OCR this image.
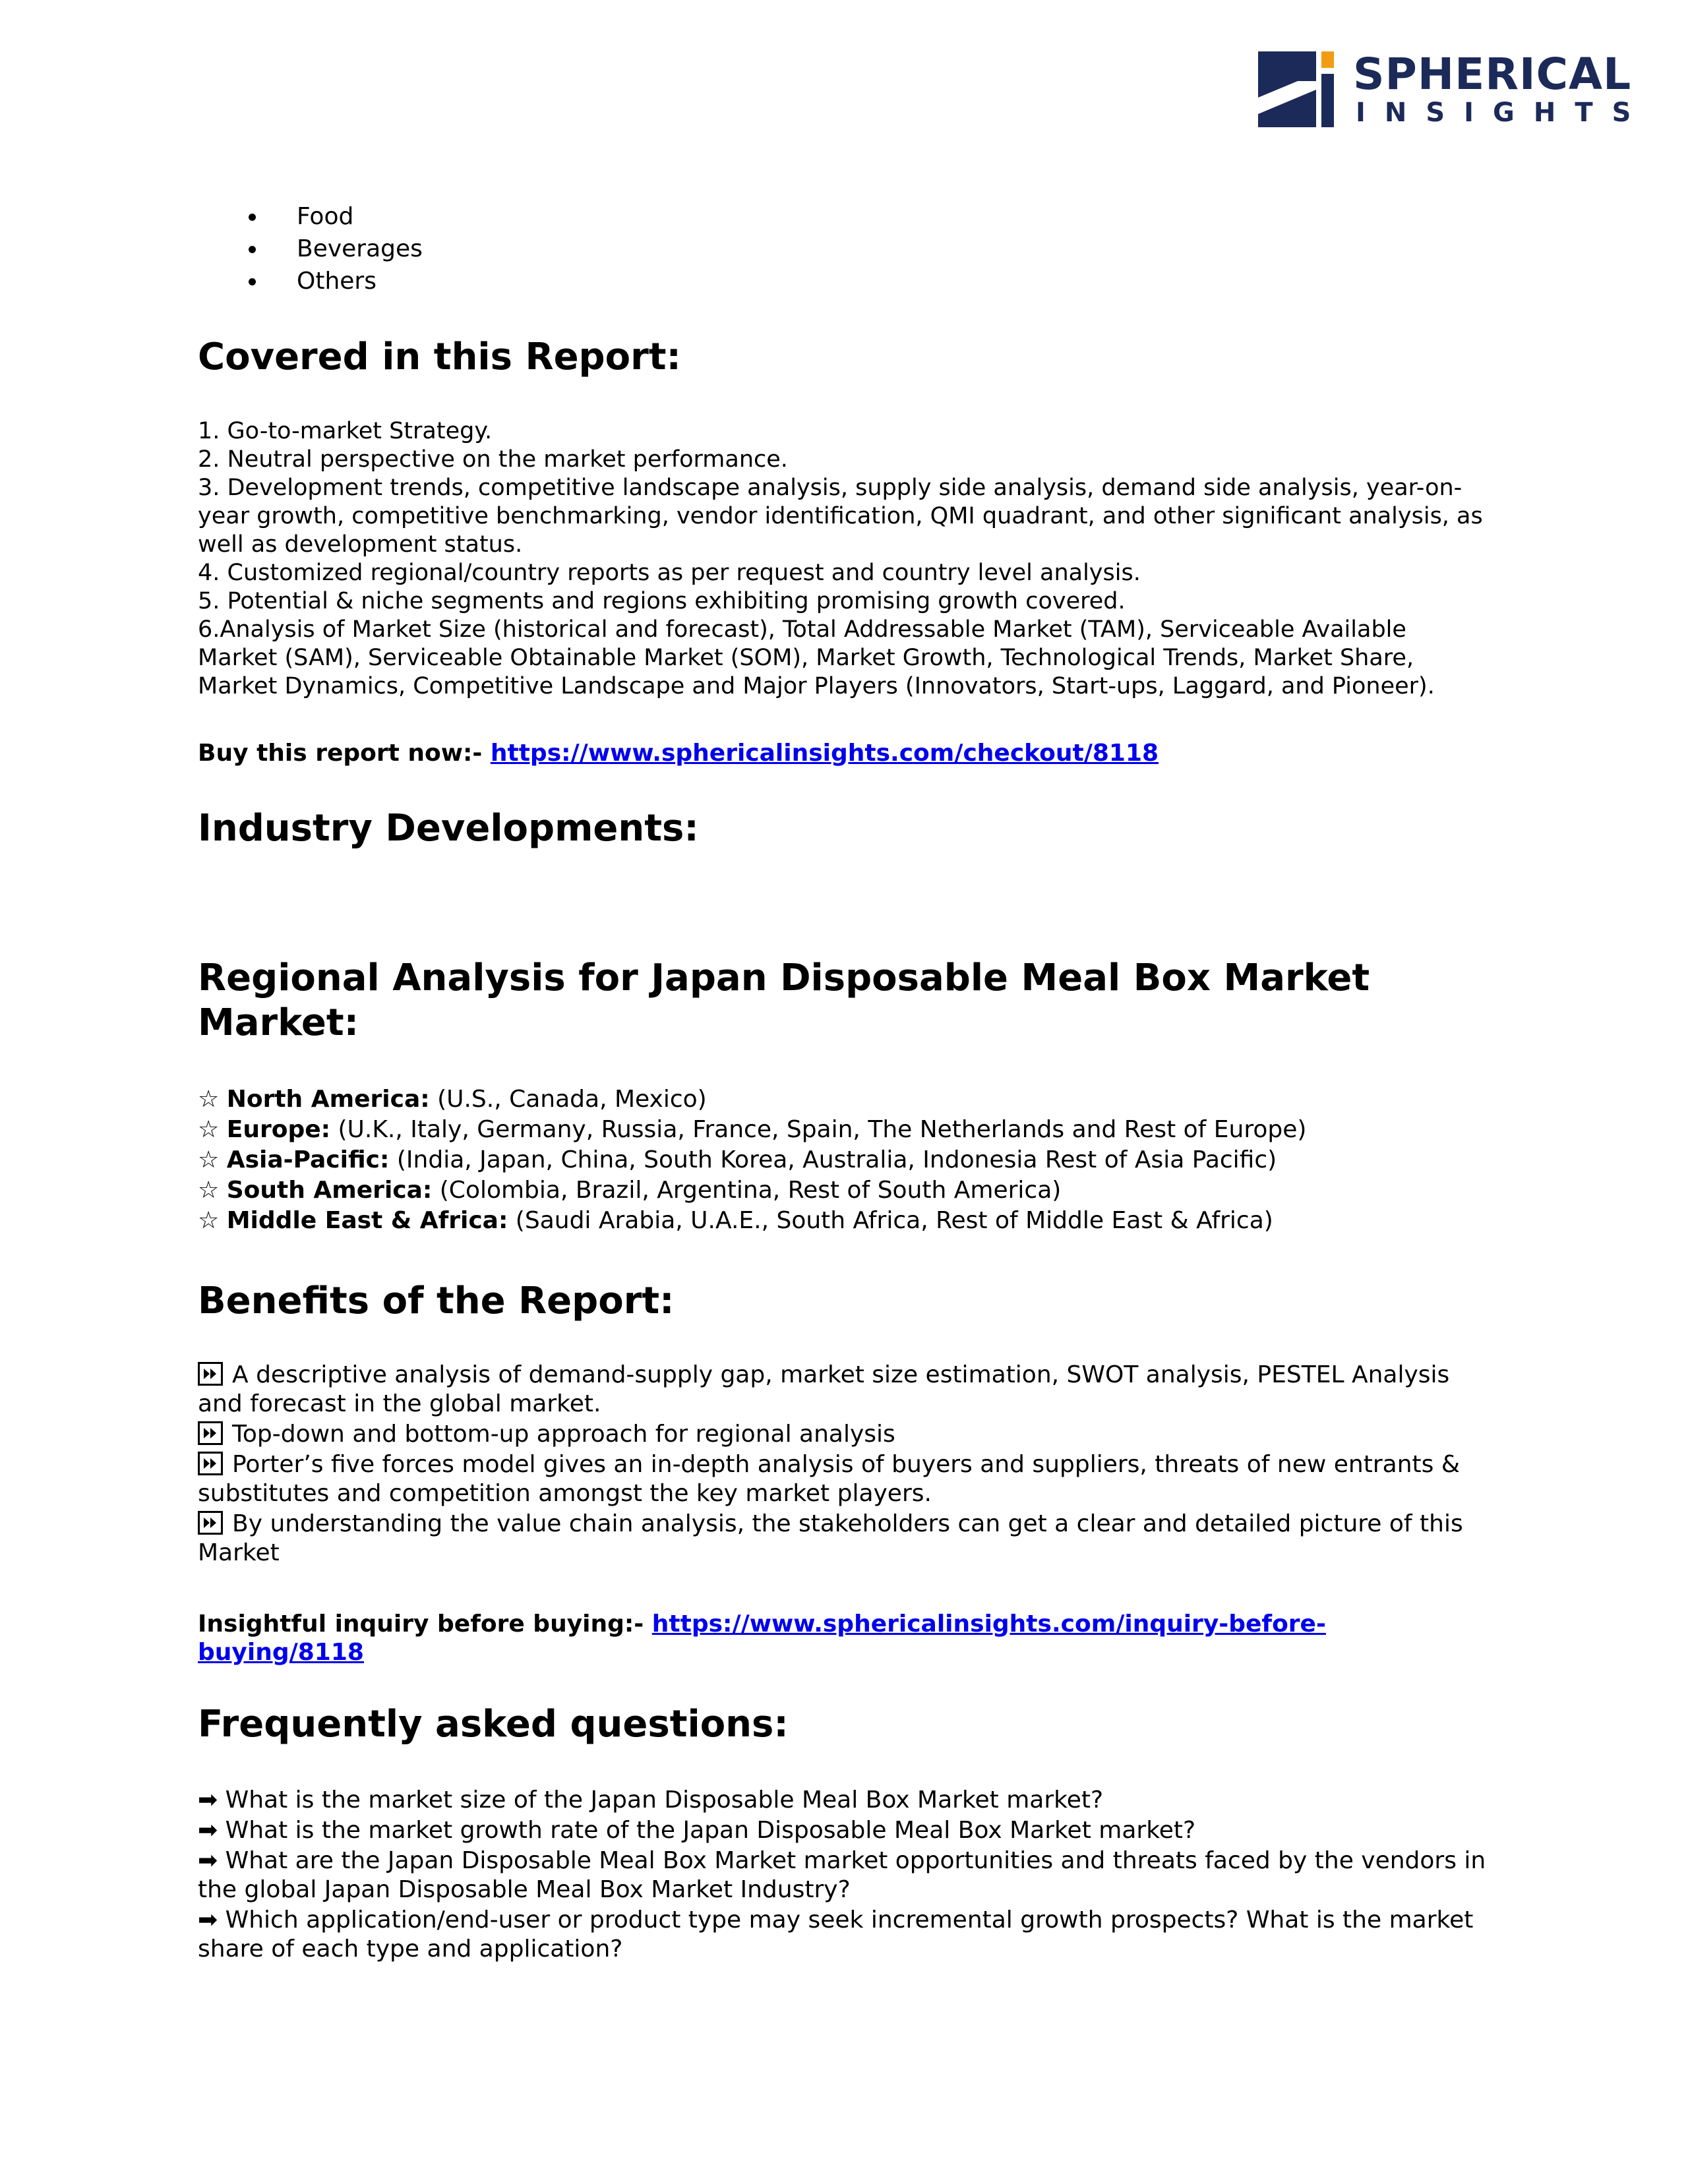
SPHERICAL
INSIGHTS
Food
Beverages
Others
Covered in this Report:

1. Go-to-market Strategy.

2. Neutral perspective on the market performance.

3. Development trends, competitive landscape analysis, supply side analysis, demand side analysis, year-on-year growth, competitive benchmarking, vendor identification, QMI quadrant, and other significant analysis, as well as development status.

4. Customized regional/country reports as per request and country level analysis.

5. Potential & niche segments and regions exhibiting promising growth covered.

6.Analysis of Market Size (historical and forecast), Total Addressable Market (TAM), Serviceable Available Market (SAM), Serviceable Obtainable Market (SOM), Market Growth, Technological Trends, Market Share, Market Dynamics, Competitive Landscape and Major Players (Innovators, Start-ups, Laggard, and Pioneer).

Buy this report now:- https://www.sphericalinsights.com/checkout/8118

Industry Developments:
Regional Analysis for Japan Disposable Meal Box Market Market:

☆ North America: (U.S., Canada, Mexico)

☆ Europe: (U.K., Italy, Germany, Russia, France, Spain, The Netherlands and Rest of Europe)

☆ Asia-Pacific: (India, Japan, China, South Korea, Australia, Indonesia Rest of Asia Pacific)

☆ South America: (Colombia, Brazil, Argentina, Rest of South America)

☆ Middle East & Africa: (Saudi Arabia, U.A.E., South Africa, Rest of Middle East & Africa)

Benefits of the Report:

A descriptive analysis of demand-supply gap, market size estimation, SWOT analysis, PESTEL Analysis and forecast in the global market.

Top-down and bottom-up approach for regional analysis

Porter’s five forces model gives an in-depth analysis of buyers and suppliers, threats of new entrants & substitutes and competition amongst the key market players.

By understanding the value chain analysis, the stakeholders can get a clear and detailed picture of this Market

Insightful inquiry before buying:- https://www.sphericalinsights.com/inquiry-before-buying/8118

Frequently asked questions:

➡ What is the market size of the Japan Disposable Meal Box Market market?

➡ What is the market growth rate of the Japan Disposable Meal Box Market market?

➡ What are the Japan Disposable Meal Box Market market opportunities and threats faced by the vendors in the global Japan Disposable Meal Box Market Industry?

➡ Which application/end-user or product type may seek incremental growth prospects? What is the market share of each type and application?
